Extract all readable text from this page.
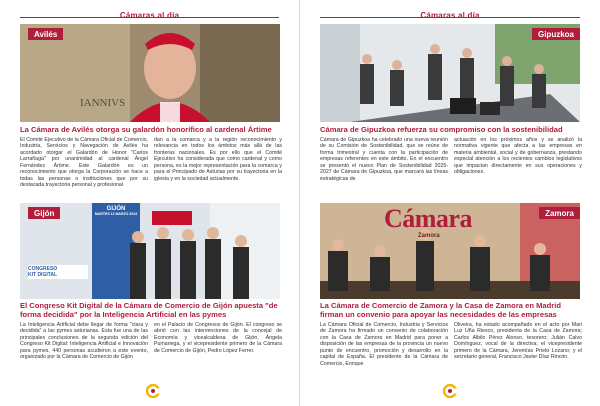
Cámaras al día
IANNIVS
Avilés
La Cámara de Avilés otorga su galardón honorífico al cardenal Ártime

El Comité Ejecutivo de la Cámara Oficial de Comercio, Industria, Servicios y Navegación de Avilés ha acordado otorgar el Galardón de Honor "Carlos Larrañaga" por unanimidad al cardenal Ángel Fernández Ártime. Este Galardón es un reconocimiento que otorga la Corporación se hace a todas las personas o instituciones que por su destacada trayectoria personal y profesional

dan a la comarca y a la región reconocimiento y relevancia en todos los ámbitos más allá de las fronteras nacionales. Es por ello que el Comité Ejecutivo ha considerada que como cardenal y como persona, es la mejor representación para la comarca y para el Principado de Asturias por su trayectoria en la iglesia y en la sociedad actualmente.

GIJÓN
MARTES 12 MARZO 2024
CONGRESO
KIT DIGITAL
Gijón
El Congreso Kit Digital de la Cámara de Comercio de Gijón apuesta "de forma decidida" por la Inteligencia Artificial en las pymes

La Inteligencia Artificial debe llegar de forma "clara y decidida" a las pymes asturianas. Esta fue una de las principales conclusiones de la segunda edición del Congreso Kit Digital: Inteligencia Artificial e Innovación para pymes, 440 personas acudieron a este evento, organizado por la Cámara de Comercio de Gijón

en el Palacio de Congresos de Gijón. El congreso se abrió con las intervenciones de la concejal de Economía y vicealcaldesa de Gijón, Ángela Pumariega, y el vicepresidente primero de la Cámara de Comercio de Gijón, Pedro López Ferrer.

Cámaras al día
Gipuzkoa
Cámara de Gipuzkoa refuerza su compromiso con la sostenibilidad

Cámara de Gipuzkoa ha celebrado una nueva reunión de su Comisión de Sostenibilidad, que se reúne de forma trimestral y cuenta con la participación de empresas referentes en este ámbito. En el encuentro se presentó el nuevo Plan de Sostenibilidad 2025-2027 de Cámara de Gipuzkoa, que marcará las líneas estratégicas de

actuación en los próximos años y se analizó la normativa vigente que afecta a las empresas en materia ambiental, social y de gobernanza, prestando especial atención a los recientes cambios legislativos que impactan directamente en sus operaciones y obligaciones.

Cámara
Zamora
Zamora
La Cámara de Comercio de Zamora y la Casa de Zamora en Madrid firman un convenio para apoyar las necesidades de las empresas

La Cámara Oficial de Comercio, Industria y Servicios de Zamora ha firmado un convenio de colaboración con la Casa de Zamora en Madrid para poner a disposición de las empresas de la provincia un nuevo punto de encuentro, promoción y desarrollo en la capital de España. El presidente de la Cámara de Comercio, Enrique

Oliveira, ha estado acompañado en el acto por Mari Luz Uña Riesco, presidenta de la Casa de Zamora; Carlos Albilo Pérez Alonso, tesorero; Julián Calvo Domínguez, vocal de la directiva; el vicepresidente primero de la Cámara, Jeremías Prieto Lozano; y el secretario general, Francisco Javier Díaz Rincón.
